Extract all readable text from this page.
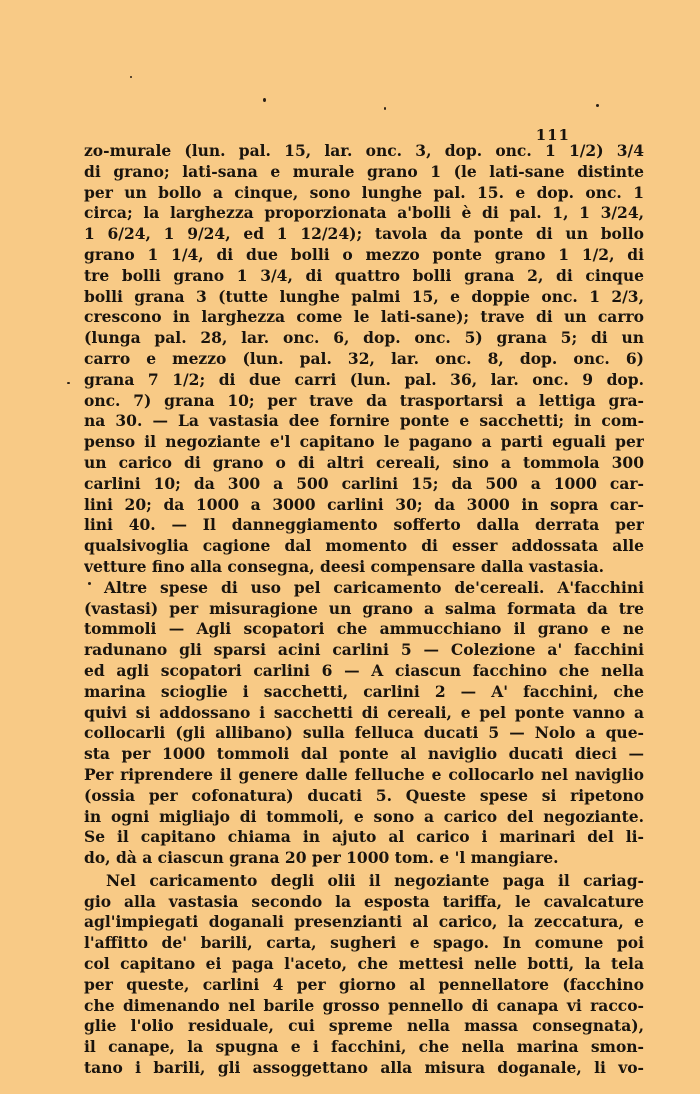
111
zo-murale (lun. pal. 15, lar. onc. 3, dop. onc. 1 1/2) 3/4
di grano; lati-sana e murale grano 1 (le lati-sane distinte
per un bollo a cinque, sono lunghe pal. 15. e dop. onc. 1
circa; la larghezza proporzionata a'bolli è di pal. 1, 1 3/24,
1 6/24, 1 9/24, ed 1 12/24); tavola da ponte di un bollo
grano 1 1/4, di due bolli o mezzo ponte grano 1 1/2, di
tre bolli grano 1 3/4, di quattro bolli grana 2, di cinque
bolli grana 3 (tutte lunghe palmi 15, e doppie onc. 1 2/3,
crescono in larghezza come le lati-sane); trave di un carro
(lunga pal. 28, lar. onc. 6, dop. onc. 5) grana 5; di un
carro e mezzo (lun. pal. 32, lar. onc. 8, dop. onc. 6)
grana 7 1/2; di due carri (lun. pal. 36, lar. onc. 9 dop.
onc. 7) grana 10; per trave da trasportarsi a lettiga gra-
na 30. — La vastasia dee fornire ponte e sacchetti; in com-
penso il negoziante e'l capitano le pagano a parti eguali per
un carico di grano o di altri cereali, sino a tommola 300
carlini 10; da 300 a 500 carlini 15; da 500 a 1000 car-
lini 20; da 1000 a 3000 carlini 30; da 3000 in sopra car-
lini 40. — Il danneggiamento sofferto dalla derrata per
qualsivoglia cagione dal momento di esser addossata alle
vetture fino alla consegna, deesi compensare dalla vastasia.
Altre spese di uso pel caricamento de'cereali. A'facchini
(vastasi) per misuragione un grano a salma formata da tre
tommoli — Agli scopatori che ammucchiano il grano e ne
radunano gli sparsi acini carlini 5 — Colezione a' facchini
ed agli scopatori carlini 6 — A ciascun facchino che nella
marina scioglie i sacchetti, carlini 2 — A' facchini, che
quivi si addossano i sacchetti di cereali, e pel ponte vanno a
collocarli (gli allibano) sulla felluca ducati 5 — Nolo a que-
sta per 1000 tommoli dal ponte al naviglio ducati dieci —
Per riprendere il genere dalle felluche e collocarlo nel naviglio
(ossia per cofonatura) ducati 5. Queste spese si ripetono
in ogni migliajo di tommoli, e sono a carico del negoziante.
Se il capitano chiama in ajuto al carico i marinari del li-
do, dà a ciascun grana 20 per 1000 tom. e 'l mangiare.
Nel caricamento degli olii il negoziante paga il cariag-
gio alla vastasia secondo la esposta tariffa, le cavalcature
agl'impiegati doganali presenzianti al carico, la zeccatura, e
l'affitto de' barili, carta, sugheri e spago. In comune poi
col capitano ei paga l'aceto, che mettesi nelle botti, la tela
per queste, carlini 4 per giorno al pennellatore (facchino
che dimenando nel barile grosso pennello di canapa vi racco-
glie l'olio residuale, cui spreme nella massa consegnata),
il canape, la spugna e i facchini, che nella marina smon-
tano i barili, gli assoggettano alla misura doganale, li vo-
